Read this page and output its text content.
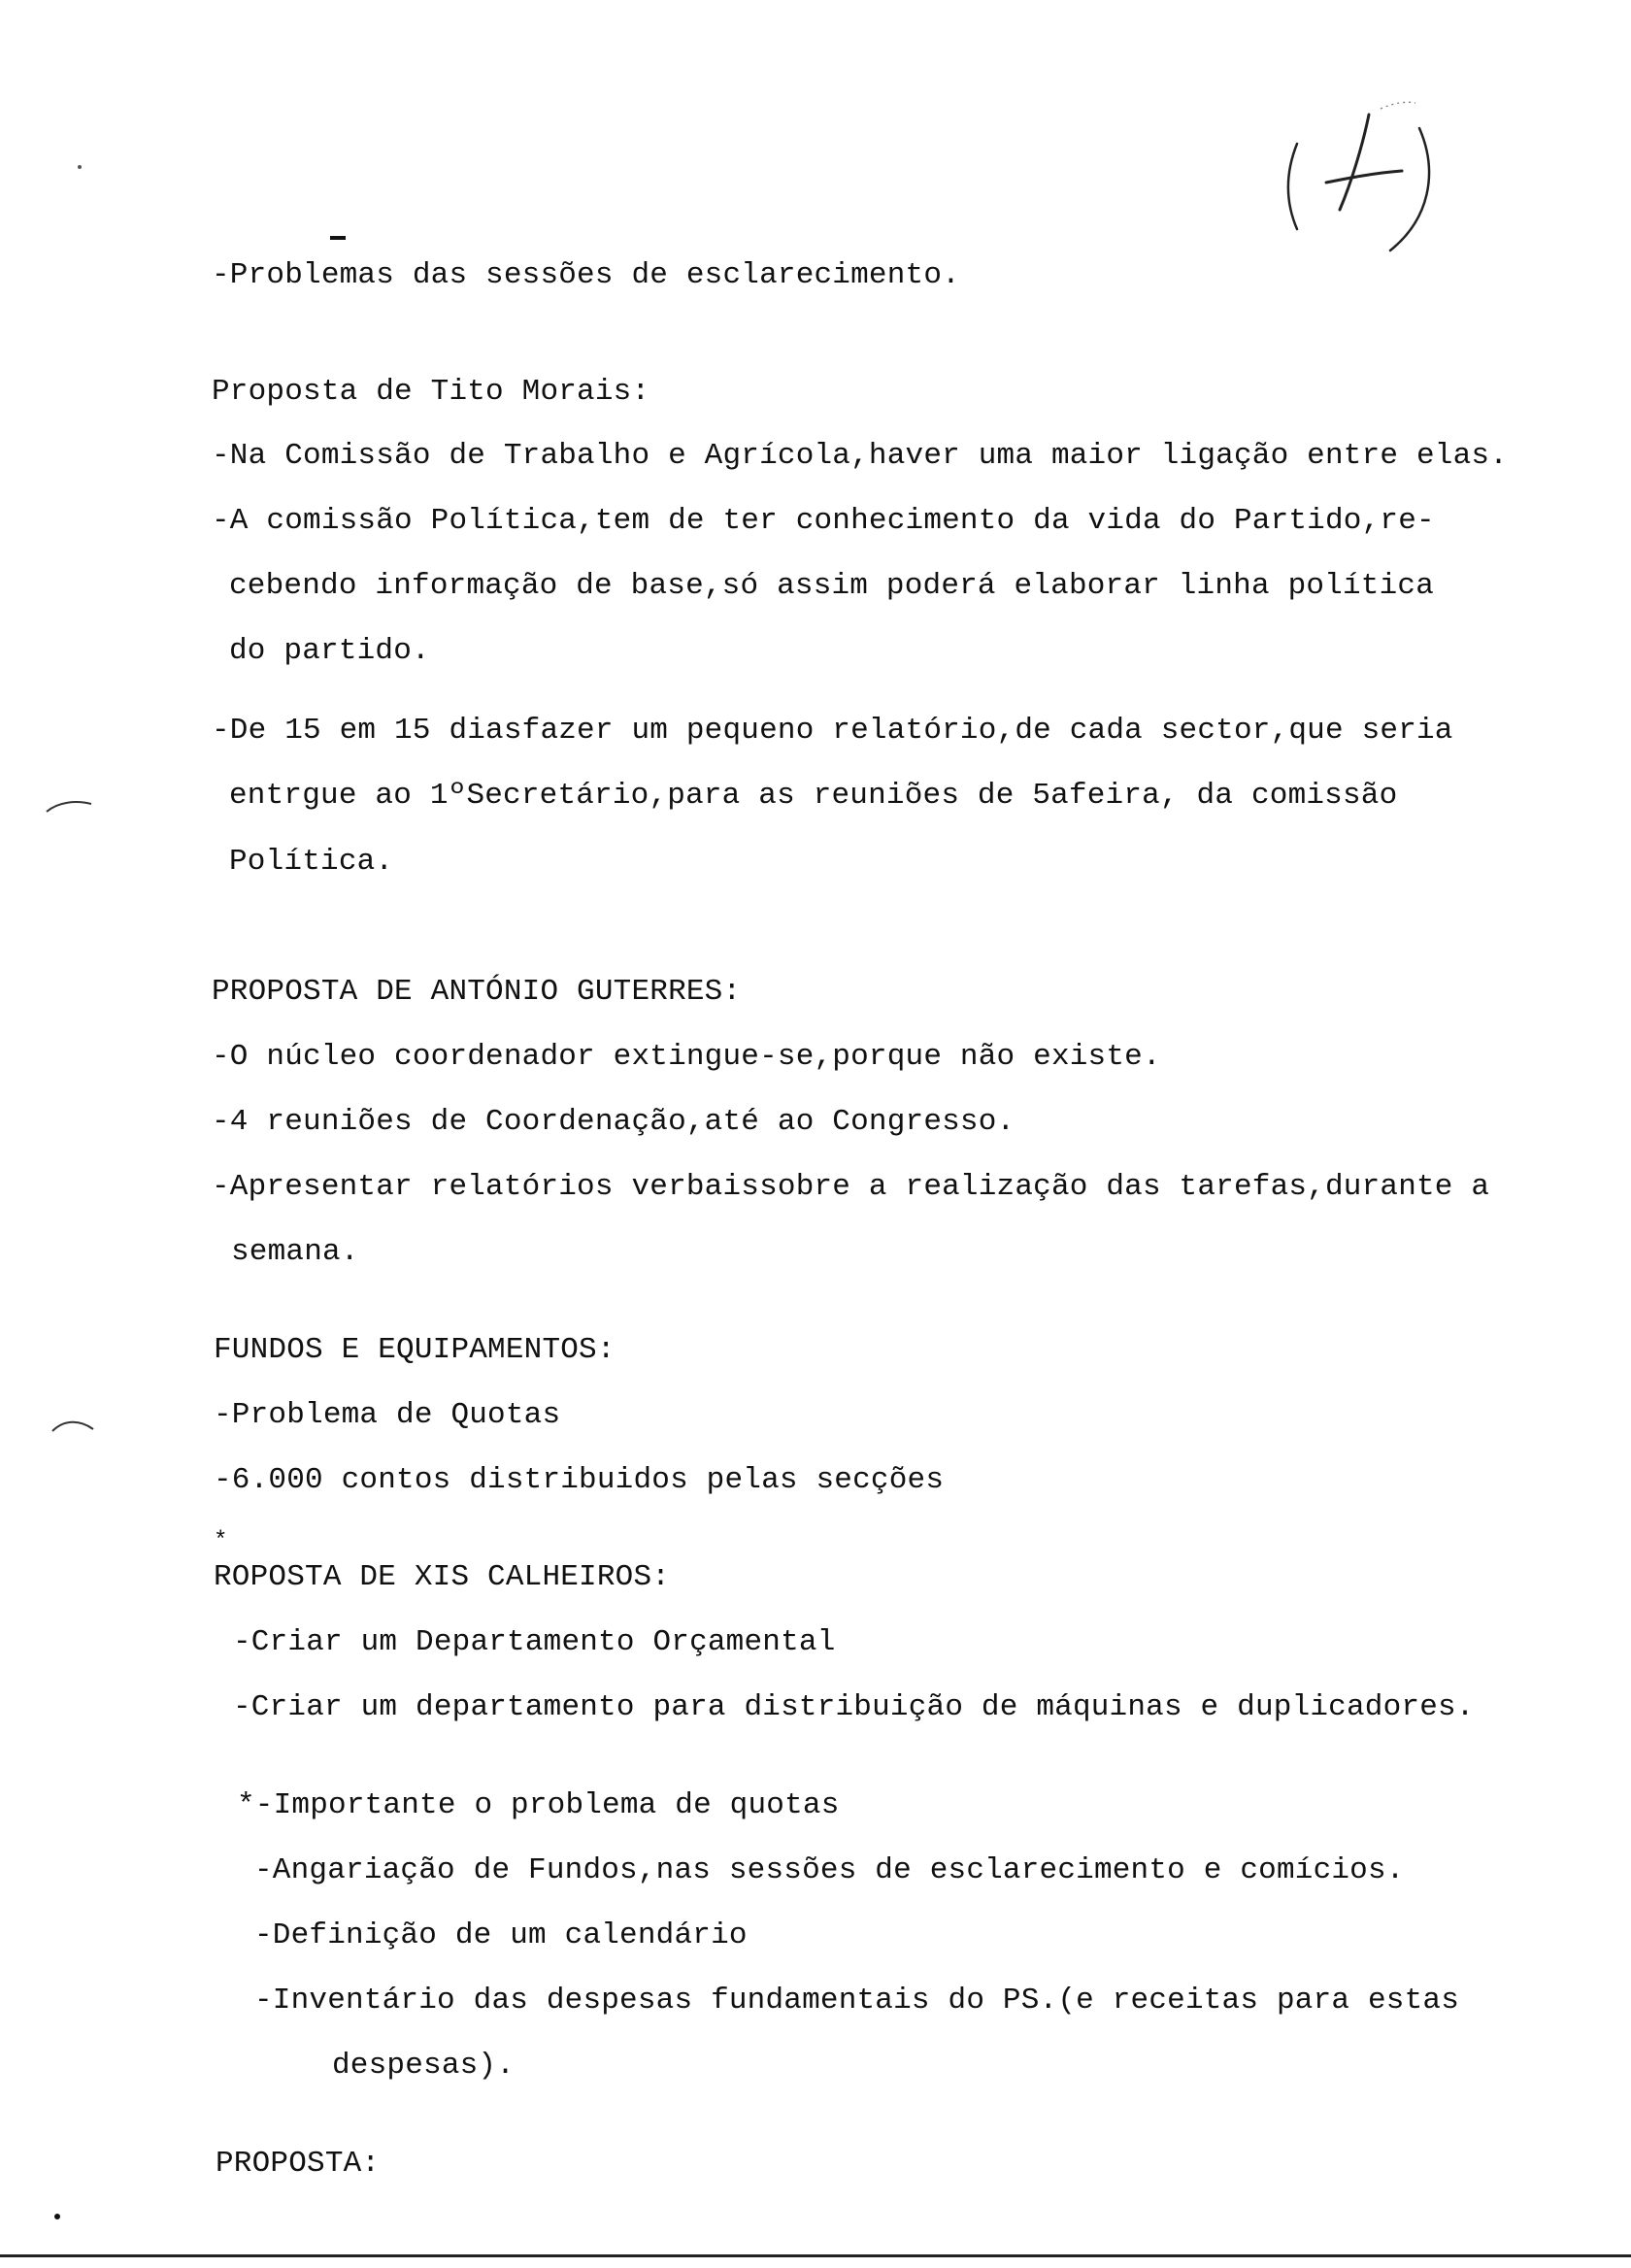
-Problemas das sessões de esclarecimento.
Proposta de Tito Morais:
-Na Comissão de Trabalho e Agrícola,haver uma maior ligação entre elas.
-A comissão Política,tem de ter conhecimento da vida do Partido,re-
cebendo informação de base,só assim poderá elaborar linha política
do partido.
-De 15 em 15 diasfazer um pequeno relatório,de cada sector,que seria
entrgue ao 1ºSecretário,para as reuniões de 5afeira, da comissão
Política.
PROPOSTA DE ANTÓNIO GUTERRES:
-O núcleo coordenador extingue-se,porque não existe.
-4 reuniões de Coordenação,até ao Congresso.
-Apresentar relatórios verbaissobre a realização das tarefas,durante a
semana.
FUNDOS E EQUIPAMENTOS:
-Problema de Quotas
-6.000 contos distribuidos pelas secções
*
ROPOSTA DE XIS CALHEIROS:
-Criar um Departamento Orçamental
-Criar um departamento para distribuição de máquinas e duplicadores.
*-Importante o problema de quotas
-Angariação de Fundos,nas sessões de esclarecimento e comícios.
-Definição de um calendário
-Inventário das despesas fundamentais do PS.(e receitas para estas
despesas).
PROPOSTA:
